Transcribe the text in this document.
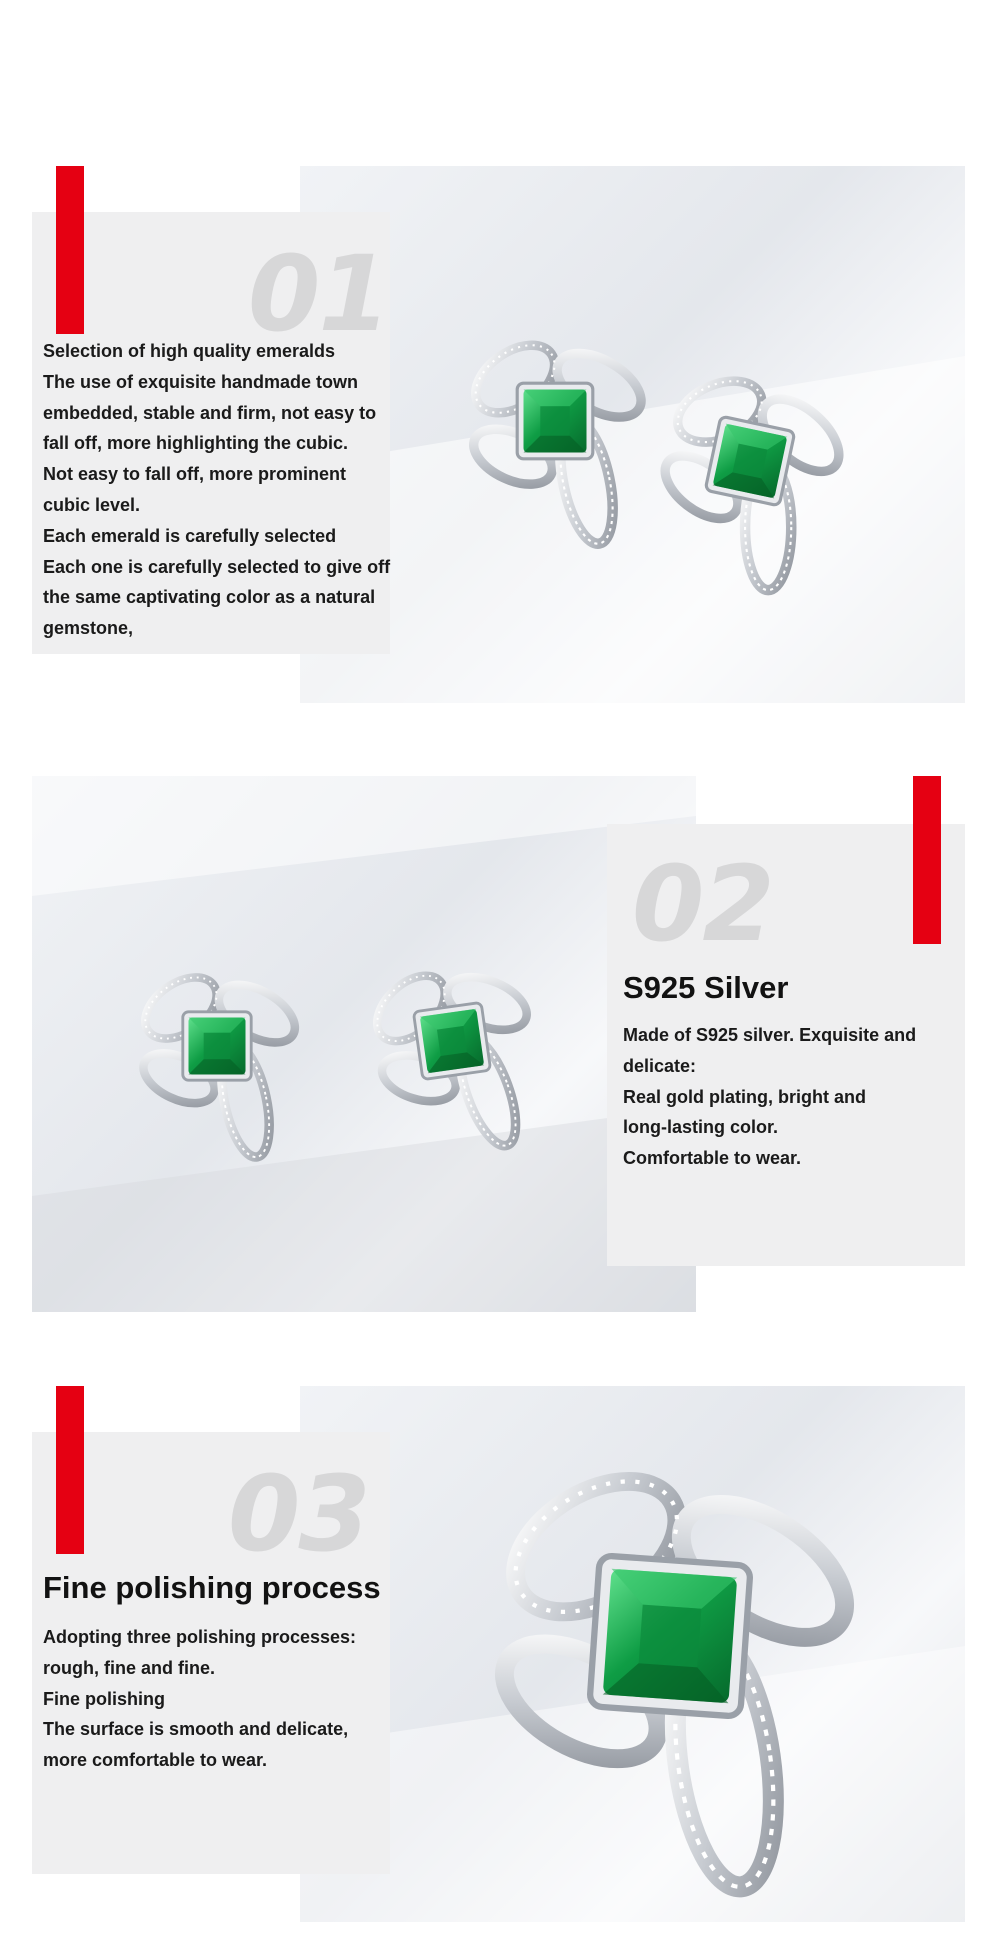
01
Selection of high quality emeralds
The use of exquisite handmade town
embedded, stable and firm, not easy to
fall off, more highlighting the cubic.
Not easy to fall off, more prominent
cubic level.
Each emerald is carefully selected
Each one is carefully selected to give off
the same captivating color as a natural
gemstone,
02
S925 Silver
Made of S925 silver. Exquisite and
delicate:
Real gold plating, bright and
long-lasting color.
Comfortable to wear.
03
Fine polishing process
Adopting three polishing processes:
rough, fine and fine.
Fine polishing
The surface is smooth and delicate,
more comfortable to wear.
